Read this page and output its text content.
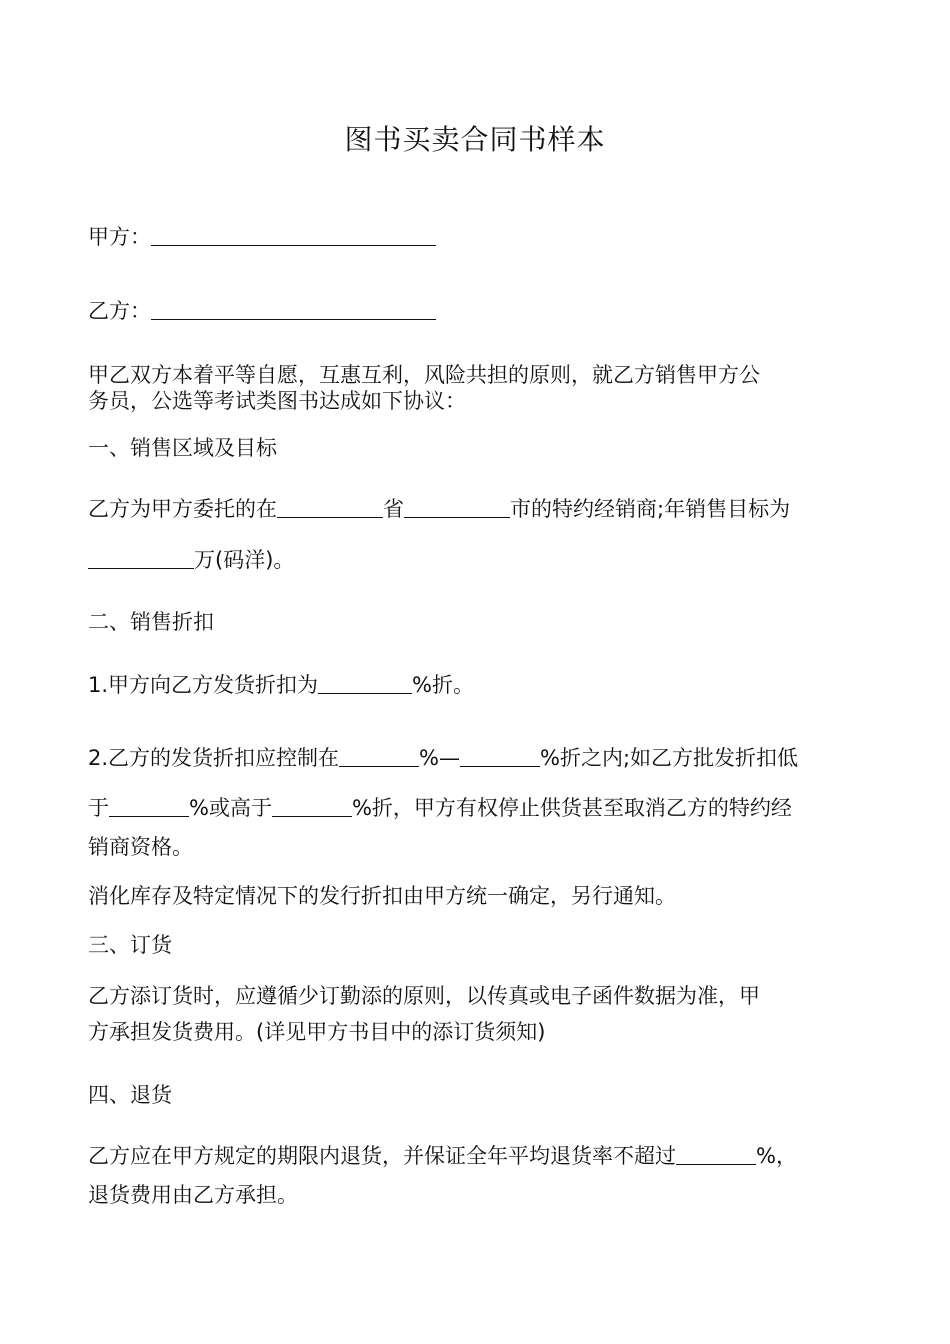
图书买卖合同书样本
甲方：
乙方：
甲乙双方本着平等自愿，互惠互利，风险共担的原则，就乙方销售甲方公
务员，公选等考试类图书达成如下协议：
一、销售区域及目标
乙方为甲方委托的在	省	市的特约经销商;年销售目标为
万(码洋)。
二、销售折扣
1.甲方向乙方发货折扣为	%折。
2.乙方的发货折扣应控制在	%—	%折之内;如乙方批发折扣低
于	%或高于	%折，甲方有权停止供货甚至取消乙方的特约经
销商资格。
消化库存及特定情况下的发行折扣由甲方统一确定，另行通知。
三、订货
乙方添订货时，应遵循少订勤添的原则，以传真或电子函件数据为准，甲
方承担发货费用。(详见甲方书目中的添订货须知)
四、退货
乙方应在甲方规定的期限内退货，并保证全年平均退货率不超过	%，
退货费用由乙方承担。
